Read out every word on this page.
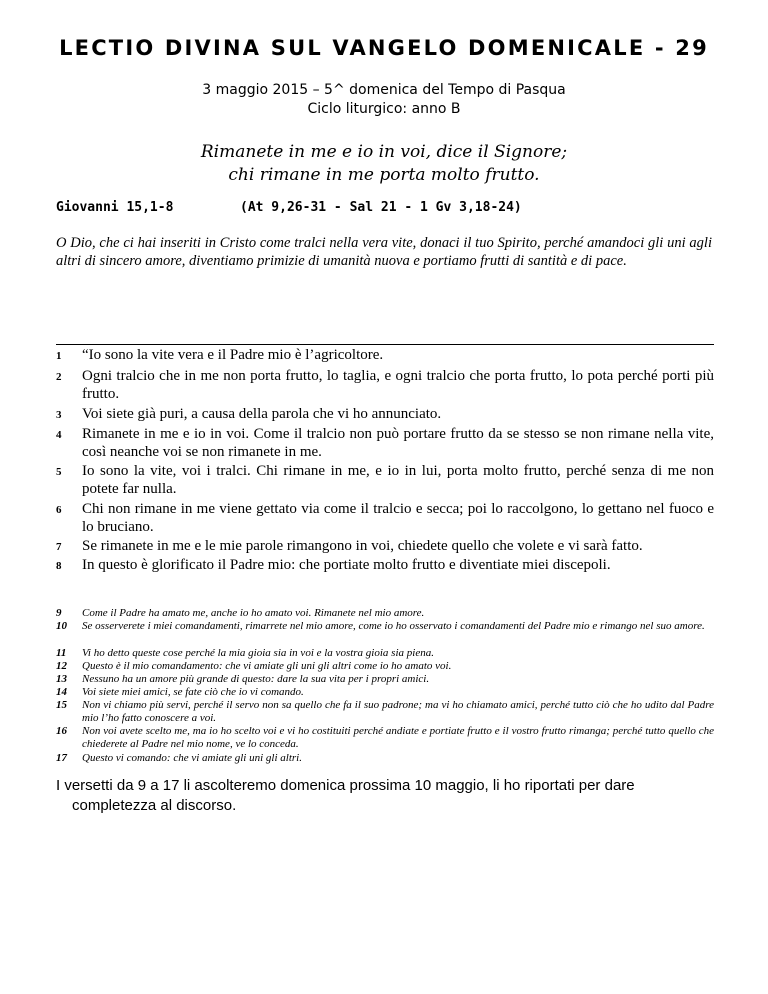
LECTIO DIVINA SUL VANGELO DOMENICALE - 29
3 maggio 2015 – 5^ domenica del Tempo di Pasqua
Ciclo liturgico: anno B
Rimanete in me e io in voi, dice il Signore;
chi rimane in me porta molto frutto.
Giovanni 15,1-8	(At 9,26-31 - Sal 21 - 1 Gv 3,18-24)
O Dio, che ci hai inseriti in Cristo come tralci nella vera vite, donaci il tuo Spirito, perché amandoci gli uni agli altri di sincero amore, diventiamo primizie di umanità nuova e portiamo frutti di santità e di pace.
1 “Io sono la vite vera e il Padre mio è l’agricoltore.
2 Ogni tralcio che in me non porta frutto, lo taglia, e ogni tralcio che porta frutto, lo pota perché porti più frutto.
3 Voi siete già puri, a causa della parola che vi ho annunciato.
4 Rimanete in me e io in voi. Come il tralcio non può portare frutto da se stesso se non rimane nella vite, così neanche voi se non rimanete in me.
5 Io sono la vite, voi i tralci. Chi rimane in me, e io in lui, porta molto frutto, perché senza di me non potete far nulla.
6 Chi non rimane in me viene gettato via come il tralcio e secca; poi lo raccolgono, lo gettano nel fuoco e lo bruciano.
7 Se rimanete in me e le mie parole rimangono in voi, chiedete quello che volete e vi sarà fatto.
8 In questo è glorificato il Padre mio: che portiate molto frutto e diventiate miei discepoli.
9 Come il Padre ha amato me, anche io ho amato voi. Rimanete nel mio amore.
10 Se osserverete i miei comandamenti, rimarrete nel mio amore, come io ho osservato i comandamenti del Padre mio e rimango nel suo amore.
11 Vi ho detto queste cose perché la mia gioia sia in voi e la vostra gioia sia piena.
12 Questo è il mio comandamento: che vi amiate gli uni gli altri come io ho amato voi.
13 Nessuno ha un amore più grande di questo: dare la sua vita per i propri amici.
14 Voi siete miei amici, se fate ciò che io vi comando.
15 Non vi chiamo più servi, perché il servo non sa quello che fa il suo padrone; ma vi ho chiamato amici, perché tutto ciò che ho udito dal Padre mio l’ho fatto conoscere a voi.
16 Non voi avete scelto me, ma io ho scelto voi e vi ho costituiti perché andiate e portiate frutto e il vostro frutto rimanga; perché tutto quello che chiederete al Padre nel mio nome, ve lo conceda.
17 Questo vi comando: che vi amiate gli uni gli altri.
I versetti da 9 a 17 li ascolteremo domenica prossima 10 maggio, li ho riportati per dare
completezza al discorso.
